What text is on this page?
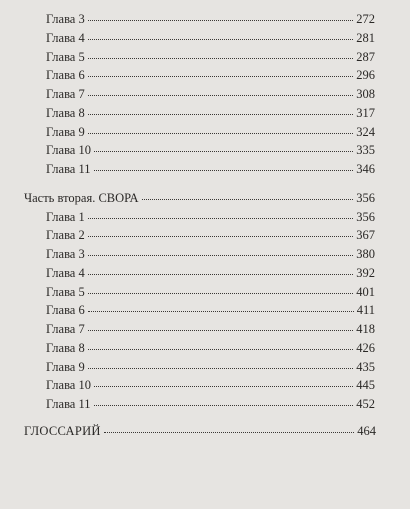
Глава 3	272
Глава 4	281
Глава 5	287
Глава 6	296
Глава 7	308
Глава 8	317
Глава 9	324
Глава 10	335
Глава 11	346
Часть вторая. СВОРА	356
Глава 1	356
Глава 2	367
Глава 3	380
Глава 4	392
Глава 5	401
Глава 6	411
Глава 7	418
Глава 8	426
Глава 9	435
Глава 10	445
Глава 11	452
ГЛОССАРИЙ	464
